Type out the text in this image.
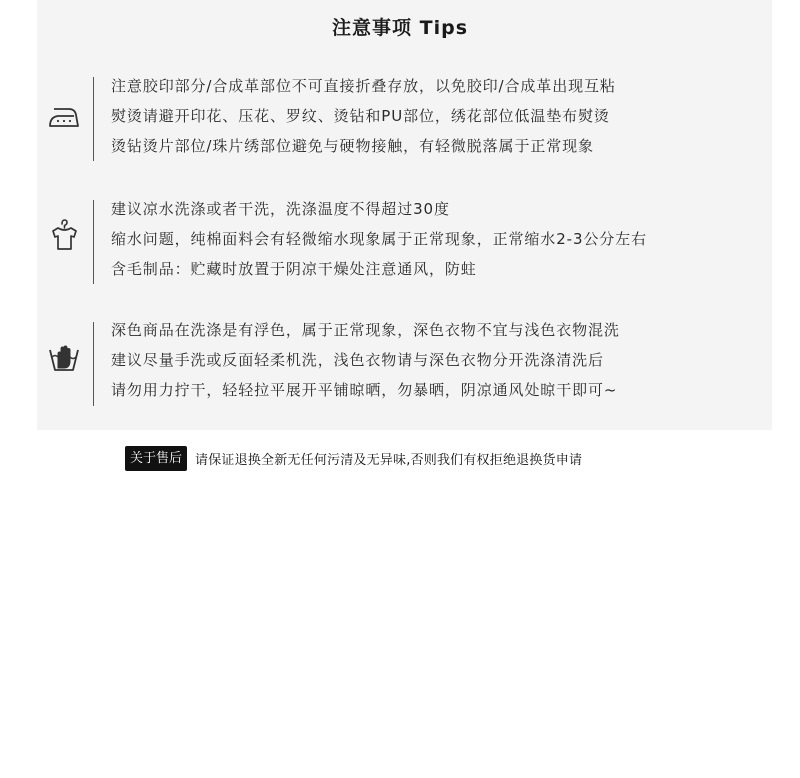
注意事项 Tips
注意胶印部分/合成革部位不可直接折叠存放，以免胶印/合成革出现互粘
熨烫请避开印花、压花、罗纹、烫钻和PU部位，绣花部位低温垫布熨烫
烫钻烫片部位/珠片绣部位避免与硬物接触，有轻微脱落属于正常现象
建议凉水洗涤或者干洗，洗涤温度不得超过30度
缩水问题，纯棉面料会有轻微缩水现象属于正常现象，正常缩水2-3公分左右
含毛制品：贮藏时放置于阴凉干燥处注意通风，防蛀
深色商品在洗涤是有浮色，属于正常现象，深色衣物不宜与浅色衣物混洗
建议尽量手洗或反面轻柔机洗，浅色衣物请与深色衣物分开洗涤清洗后
请勿用力拧干，轻轻拉平展开平铺晾晒，勿暴晒，阴凉通风处晾干即可~
关于售后	请保证退换全新无任何污清及无异味,否则我们有权拒绝退换货申请
